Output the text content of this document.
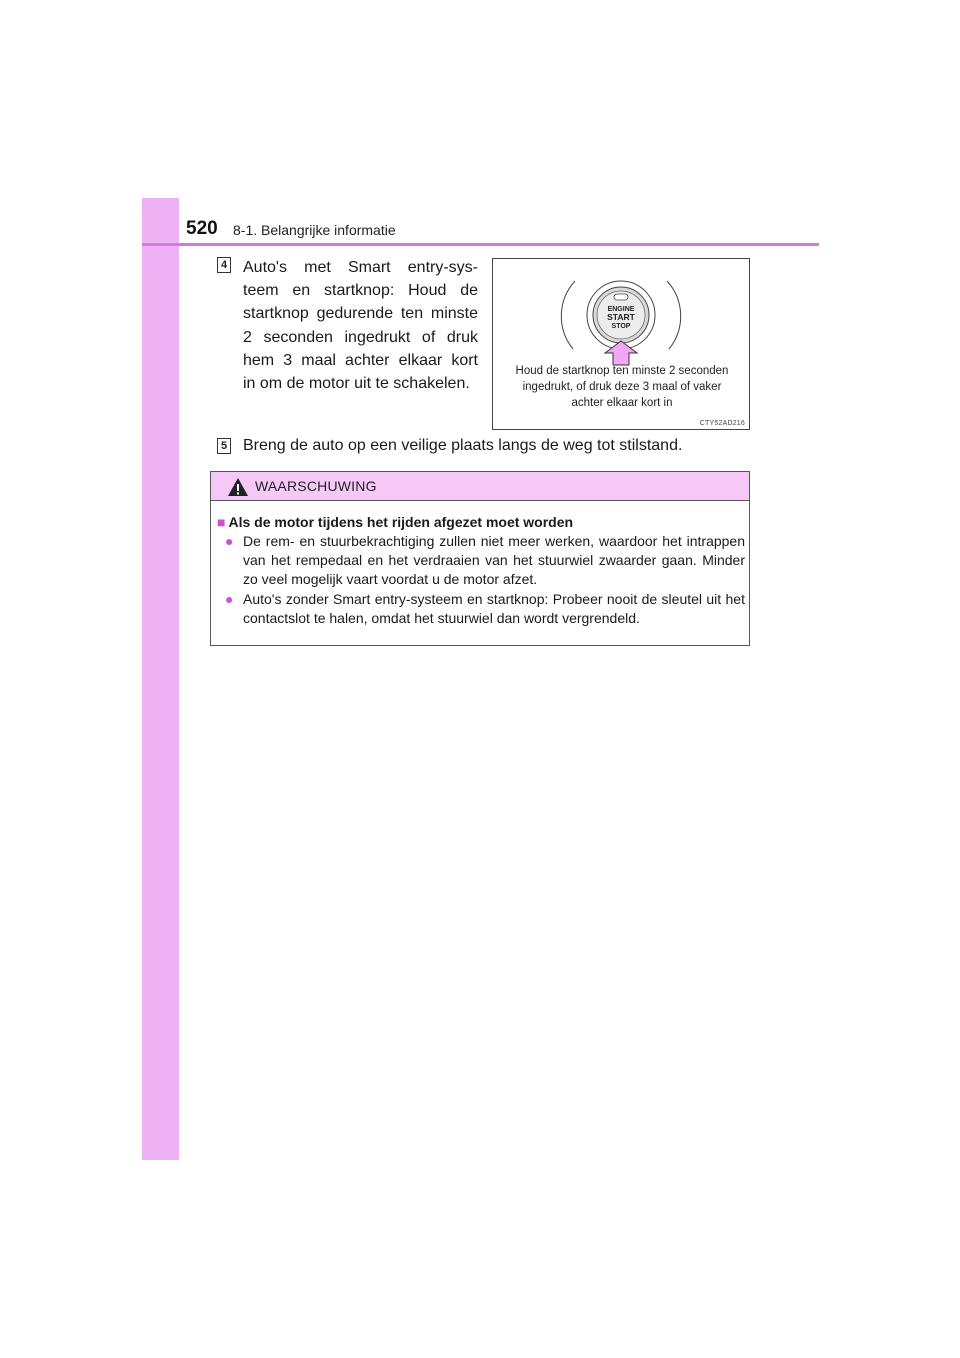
520 8-1. Belangrijke informatie
4 Auto's met Smart entry-sys-
teem en startknop: Houd de
startknop gedurende ten minste
2 seconden ingedrukt of druk
hem 3 maal achter elkaar kort
in om de motor uit te schakelen.
ENGINE
START
STOP
Houd de startknop ten minste 2 seconden
ingedrukt, of druk deze 3 maal of vaker
achter elkaar kort in
CTY52AD216
5 Breng de auto op een veilige plaats langs de weg tot stilstand.
WAARSCHUWING
■ Als de motor tijdens het rijden afgezet moet worden
● De rem- en stuurbekrachtiging zullen niet meer werken, waardoor het intrappen van het rempedaal en het verdraaien van het stuurwiel zwaarder gaan. Minder zo veel mogelijk vaart voordat u de motor afzet.
● Auto's zonder Smart entry-systeem en startknop: Probeer nooit de sleutel uit het contactslot te halen, omdat het stuurwiel dan wordt vergrendeld.
